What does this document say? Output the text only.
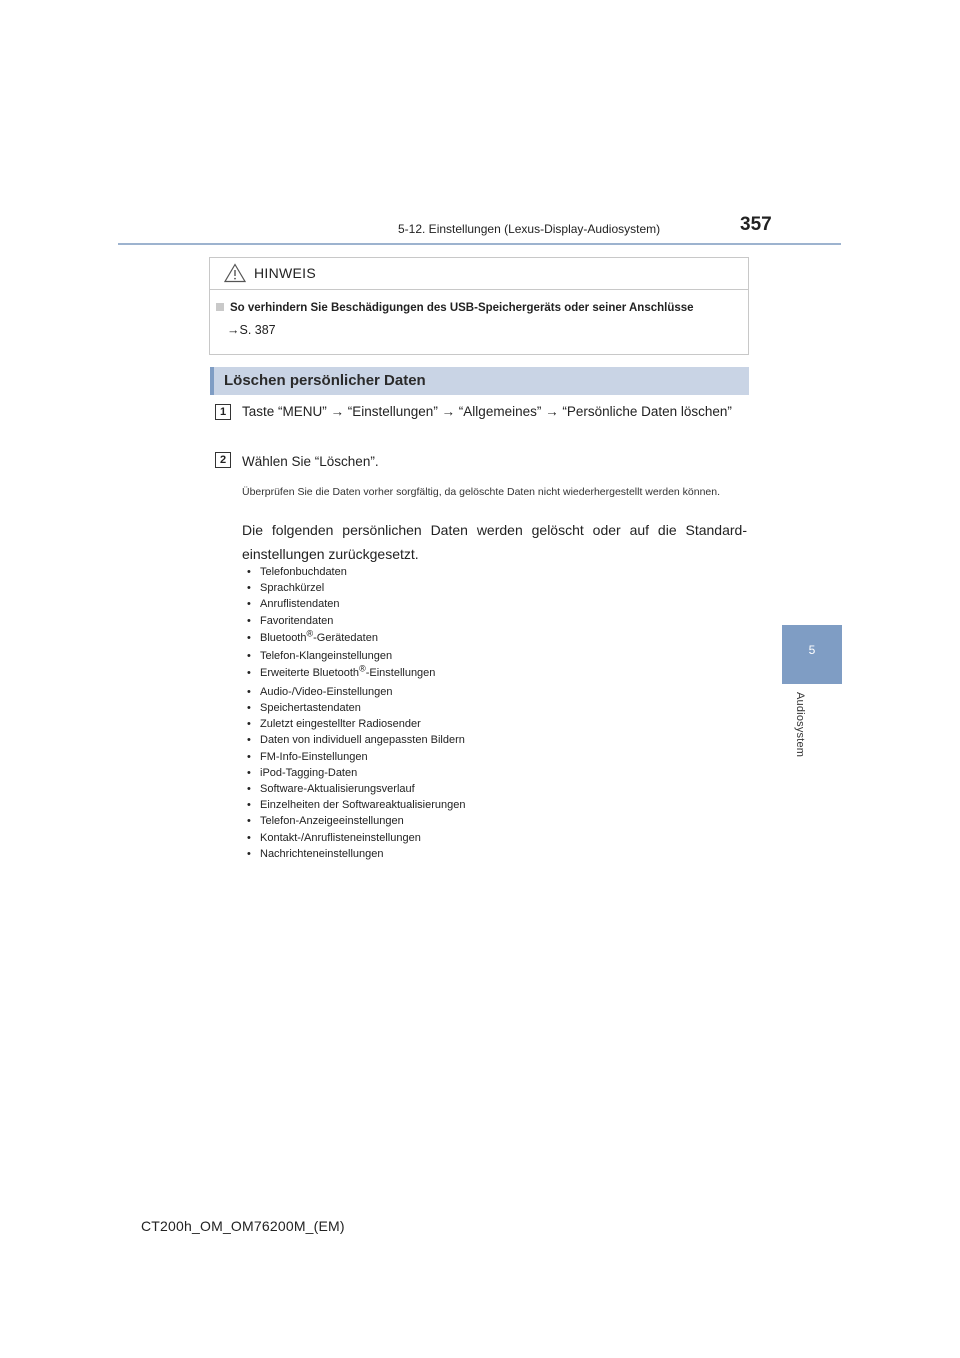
5-12. Einstellungen (Lexus-Display-Audiosystem)	357
5
Audiosystem
HINWEIS
So verhindern Sie Beschädigungen des USB-Speichergeräts oder seiner Anschlüsse
→S. 387
Löschen persönlicher Daten
1	Taste “MENU” → “Einstellungen” → “Allgemeines” → “Persönliche Daten löschen”
2	Wählen Sie “Löschen”.
Überprüfen Sie die Daten vorher sorgfältig, da gelöschte Daten nicht wiederhergestellt werden können.
Die folgenden persönlichen Daten werden gelöscht oder auf die Standard-einstellungen zurückgesetzt.
• Telefonbuchdaten
• Sprachkürzel
• Anruflistendaten
• Favoritendaten
• Bluetooth®-Gerätedaten
• Telefon-Klangeinstellungen
• Erweiterte Bluetooth®-Einstellungen
• Audio-/Video-Einstellungen
• Speichertastendaten
• Zuletzt eingestellter Radiosender
• Daten von individuell angepassten Bildern
• FM-Info-Einstellungen
• iPod-Tagging-Daten
• Software-Aktualisierungsverlauf
• Einzelheiten der Softwareaktualisierungen
• Telefon-Anzeigeeinstellungen
• Kontakt-/Anruflisteneinstellungen
• Nachrichteneinstellungen
CT200h_OM_OM76200M_(EM)
